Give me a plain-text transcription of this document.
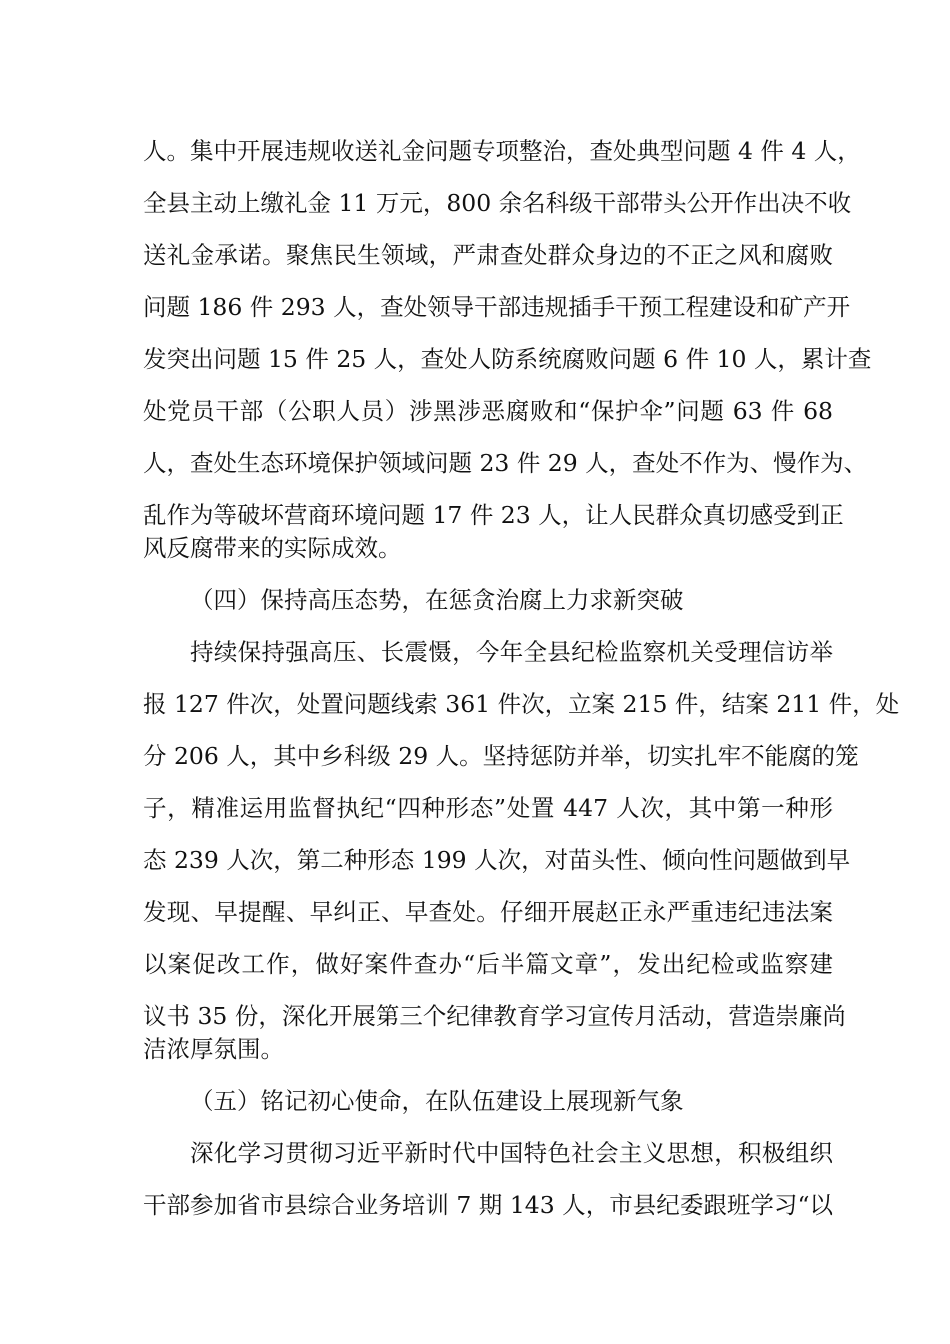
人。集中开展违规收送礼金问题专项整治，查处典型问题 4 件 4 人，
全县主动上缴礼金 11 万元，800 余名科级干部带头公开作出决不收
送礼金承诺。聚焦民生领域，严肃查处群众身边的不正之风和腐败
问题 186 件 293 人，查处领导干部违规插手干预工程建设和矿产开
发突出问题 15 件 25 人，查处人防系统腐败问题 6 件 10 人，累计查
处党员干部（公职人员）涉黑涉恶腐败和“保护伞”问题 63 件 68
人，查处生态环境保护领域问题 23 件 29 人，查处不作为、慢作为、
乱作为等破坏营商环境问题 17 件 23 人，让人民群众真切感受到正
风反腐带来的实际成效。
（四）保持高压态势，在惩贪治腐上力求新突破
持续保持强高压、长震慑，今年全县纪检监察机关受理信访举
报 127 件次，处置问题线索 361 件次，立案 215 件，结案 211 件，处
分 206 人，其中乡科级 29 人。坚持惩防并举，切实扎牢不能腐的笼
子，精准运用监督执纪“四种形态”处置 447 人次，其中第一种形
态 239 人次，第二种形态 199 人次，对苗头性、倾向性问题做到早
发现、早提醒、早纠正、早查处。仔细开展赵正永严重违纪违法案
以案促改工作，做好案件查办“后半篇文章”，发出纪检或监察建
议书 35 份，深化开展第三个纪律教育学习宣传月活动，营造崇廉尚
洁浓厚氛围。
（五）铭记初心使命，在队伍建设上展现新气象
深化学习贯彻习近平新时代中国特色社会主义思想，积极组织
干部参加省市县综合业务培训 7 期 143 人，市县纪委跟班学习“以
